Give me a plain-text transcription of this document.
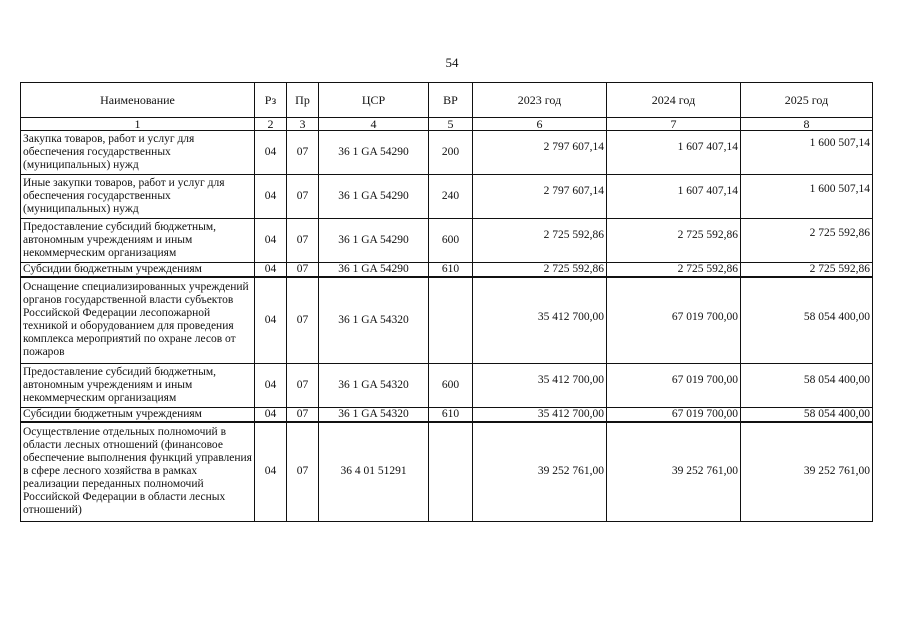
54
Наименование	Рз	Пр	ЦСР	ВР	2023 год	2024 год	2025 год
1	2	3	4	5	6	7	8
Закупка товаров, работ и услуг для обеспечения государственных (муниципальных) нужд	04	07	36 1 GA 54290	200	2 797 607,14	1 607 407,14	1 600 507,14
Иные закупки товаров, работ и услуг для обеспечения государственных (муниципальных) нужд	04	07	36 1 GA 54290	240	2 797 607,14	1 607 407,14	1 600 507,14
Предоставление субсидий бюджетным, автономным учреждениям и иным некоммерческим организациям	04	07	36 1 GA 54290	600	2 725 592,86	2 725 592,86	2 725 592,86
Субсидии бюджетным учреждениям	04	07	36 1 GA 54290	610	2 725 592,86	2 725 592,86	2 725 592,86
Оснащение специализированных учреждений органов государственной власти субъектов Российской Федерации лесопожарной техникой и оборудованием для проведения комплекса мероприятий по охране лесов от пожаров	04	07	36 1 GA 54320		35 412 700,00	67 019 700,00	58 054 400,00
Предоставление субсидий бюджетным, автономным учреждениям и иным некоммерческим организациям	04	07	36 1 GA 54320	600	35 412 700,00	67 019 700,00	58 054 400,00
Субсидии бюджетным учреждениям	04	07	36 1 GA 54320	610	35 412 700,00	67 019 700,00	58 054 400,00
Осуществление отдельных полномочий в области лесных отношений (финансовое обеспечение выполнения функций управления в сфере лесного хозяйства в рамках реализации переданных полномочий Российской Федерации в области лесных отношений)	04	07	36 4 01 51291		39 252 761,00	39 252 761,00	39 252 761,00
